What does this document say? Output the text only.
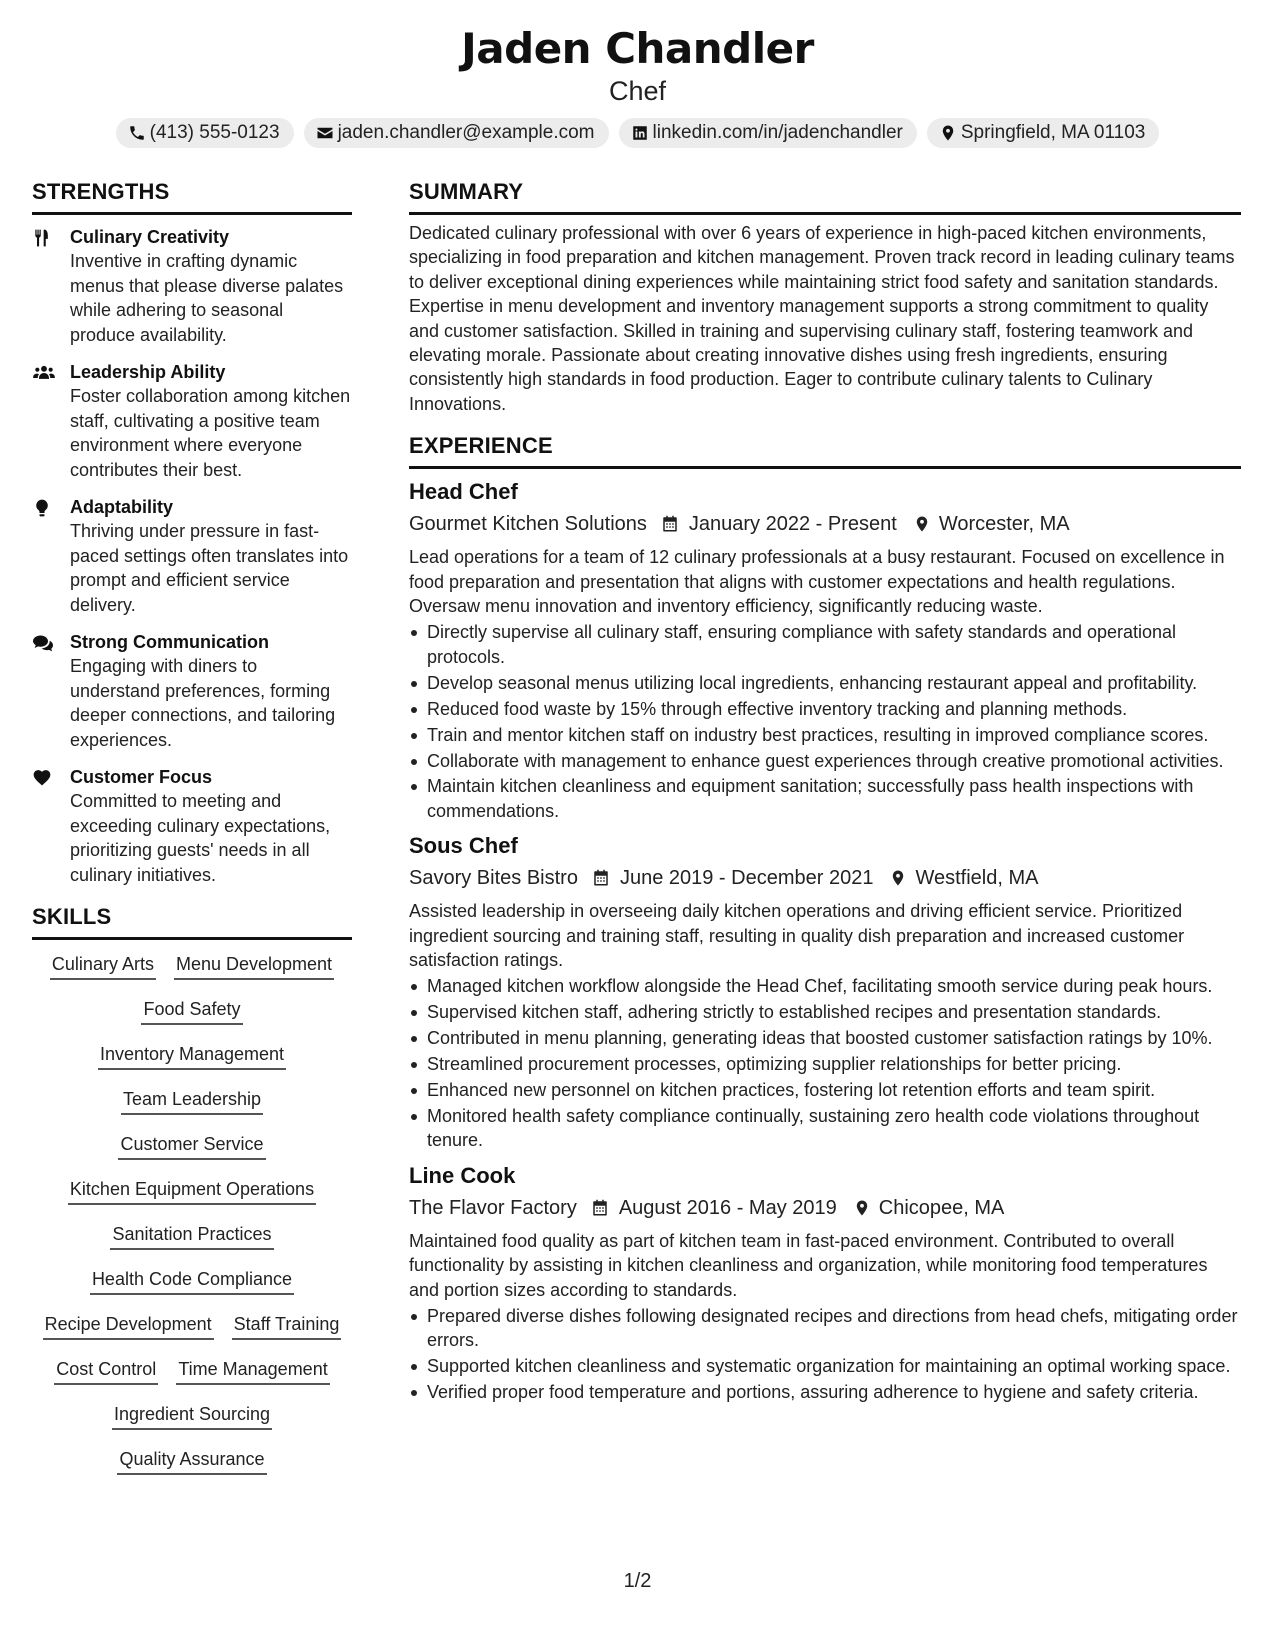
Jaden Chandler
Chef
(413) 555-0123	jaden.chandler@example.com	linkedin.com/in/jadenchandler	Springfield, MA 01103
STRENGTHS
Culinary Creativity
Inventive in crafting dynamic menus that please diverse palates while adhering to seasonal produce availability.
Leadership Ability
Foster collaboration among kitchen staff, cultivating a positive team environment where everyone contributes their best.
Adaptability
Thriving under pressure in fast-paced settings often translates into prompt and efficient service delivery.
Strong Communication
Engaging with diners to understand preferences, forming deeper connections, and tailoring experiences.
Customer Focus
Committed to meeting and exceeding culinary expectations, prioritizing guests' needs in all culinary initiatives.
SKILLS
Culinary Arts Menu Development
Food Safety
Inventory Management
Team Leadership
Customer Service
Kitchen Equipment Operations
Sanitation Practices
Health Code Compliance
Recipe Development Staff Training
Cost Control Time Management
Ingredient Sourcing
Quality Assurance
SUMMARY
Dedicated culinary professional with over 6 years of experience in high-paced kitchen environments, specializing in food preparation and kitchen management. Proven track record in leading culinary teams to deliver exceptional dining experiences while maintaining strict food safety and sanitation standards. Expertise in menu development and inventory management supports a strong commitment to quality and customer satisfaction. Skilled in training and supervising culinary staff, fostering teamwork and elevating morale. Passionate about creating innovative dishes using fresh ingredients, ensuring consistently high standards in food production. Eager to contribute culinary talents to Culinary Innovations.
EXPERIENCE
Head Chef
Gourmet Kitchen Solutions January 2022 - Present Worcester, MA
Lead operations for a team of 12 culinary professionals at a busy restaurant. Focused on excellence in food preparation and presentation that aligns with customer expectations and health regulations. Oversaw menu innovation and inventory efficiency, significantly reducing waste.
Directly supervise all culinary staff, ensuring compliance with safety standards and operational protocols.
Develop seasonal menus utilizing local ingredients, enhancing restaurant appeal and profitability.
Reduced food waste by 15% through effective inventory tracking and planning methods.
Train and mentor kitchen staff on industry best practices, resulting in improved compliance scores.
Collaborate with management to enhance guest experiences through creative promotional activities.
Maintain kitchen cleanliness and equipment sanitation; successfully pass health inspections with commendations.
Sous Chef
Savory Bites Bistro June 2019 - December 2021 Westfield, MA
Assisted leadership in overseeing daily kitchen operations and driving efficient service. Prioritized ingredient sourcing and training staff, resulting in quality dish preparation and increased customer satisfaction ratings.
Managed kitchen workflow alongside the Head Chef, facilitating smooth service during peak hours.
Supervised kitchen staff, adhering strictly to established recipes and presentation standards.
Contributed in menu planning, generating ideas that boosted customer satisfaction ratings by 10%.
Streamlined procurement processes, optimizing supplier relationships for better pricing.
Enhanced new personnel on kitchen practices, fostering lot retention efforts and team spirit.
Monitored health safety compliance continually, sustaining zero health code violations throughout tenure.
Line Cook
The Flavor Factory August 2016 - May 2019 Chicopee, MA
Maintained food quality as part of kitchen team in fast-paced environment. Contributed to overall functionality by assisting in kitchen cleanliness and organization, while monitoring food temperatures and portion sizes according to standards.
Prepared diverse dishes following designated recipes and directions from head chefs, mitigating order errors.
Supported kitchen cleanliness and systematic organization for maintaining an optimal working space.
Verified proper food temperature and portions, assuring adherence to hygiene and safety criteria.
1/2
